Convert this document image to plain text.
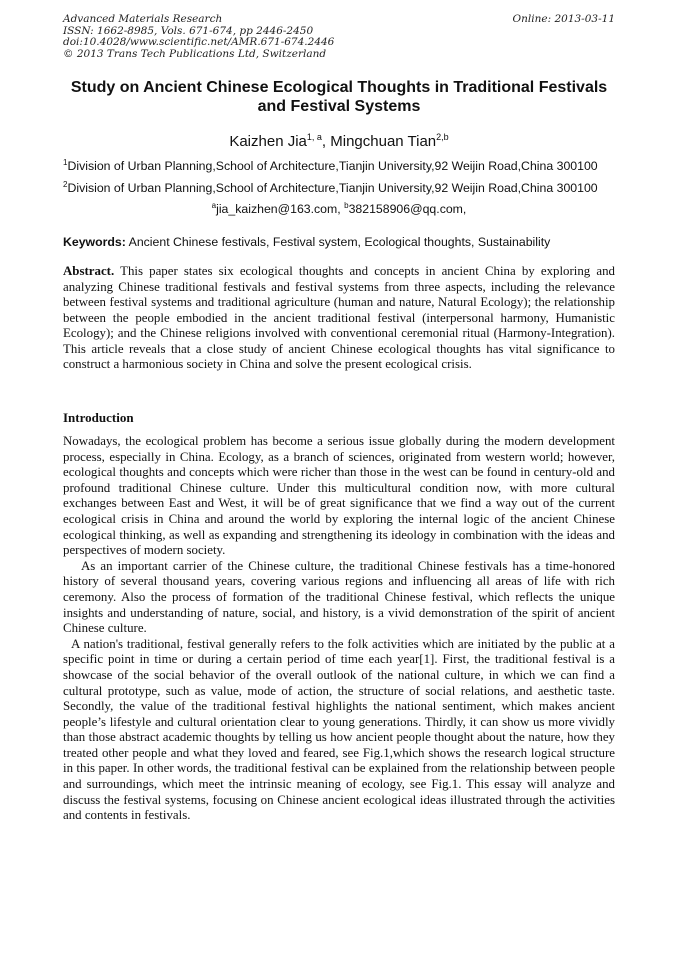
Advanced Materials Research
ISSN: 1662-8985, Vols. 671-674, pp 2446-2450
doi:10.4028/www.scientific.net/AMR.671-674.2446
© 2013 Trans Tech Publications Ltd, Switzerland
Online: 2013-03-11
Study on Ancient Chinese Ecological Thoughts in Traditional Festivals and Festival Systems
Kaizhen Jia$^{1, a}$, Mingchuan Tian$^{2,b}$
$^1$Division of Urban Planning,School of Architecture,Tianjin University,92 Weijin Road,China 300100
$^2$Division of Urban Planning,School of Architecture,Tianjin University,92 Weijin Road,China 300100
$^a$jia_kaizhen@163.com, $^b$382158906@qq.com,
Keywords: Ancient Chinese festivals, Festival system, Ecological thoughts, Sustainability
Abstract. This paper states six ecological thoughts and concepts in ancient China by exploring and analyzing Chinese traditional festivals and festival systems from three aspects, including the relevance between festival systems and traditional agriculture (human and nature, Natural Ecology); the relationship between the people embodied in the ancient traditional festival (interpersonal harmony, Humanistic Ecology); and the Chinese religions involved with conventional ceremonial ritual (Harmony-Integration). This article reveals that a close study of ancient Chinese ecological thoughts has vital significance to construct a harmonious society in China and solve the present ecological crisis.
Introduction

Nowadays, the ecological problem has become a serious issue globally during the modern development process, especially in China. Ecology, as a branch of sciences, originated from western world; however, ecological thoughts and concepts which were richer than those in the west can be found in century-old and profound traditional Chinese culture. Under this multicultural condition now, with more cultural exchanges between East and West, it will be of great significance that we find a way out of the current ecological crisis in China and around the world by exploring the internal logic of the ancient Chinese ecological thinking, as well as expanding and strengthening its ideology in combination with the ideas and perspectives of modern society.

As an important carrier of the Chinese culture, the traditional Chinese festivals has a time-honored history of several thousand years, covering various regions and influencing all areas of life with rich ceremony. Also the process of formation of the traditional Chinese festival, which reflects the unique insights and understanding of nature, social, and history, is a vivid demonstration of the spirit of ancient Chinese culture.

A nation's traditional, festival generally refers to the folk activities which are initiated by the public at a specific point in time or during a certain period of time each year[1]. First, the traditional festival is a showcase of the social behavior of the overall outlook of the national culture, in which we can find a cultural prototype, such as value, mode of action, the structure of social relations, and aesthetic taste. Secondly, the value of the traditional festival highlights the national sentiment, which makes ancient people’s lifestyle and cultural orientation clear to young generations. Thirdly, it can show us more vividly than those abstract academic thoughts by telling us how ancient people thought about the nature, how they treated other people and what they loved and feared, see Fig.1,which shows the research logical structure in this paper. In other words, the traditional festival can be explained from the relationship between people and surroundings, which meet the intrinsic meaning of ecology, see Fig.1. This essay will analyze and discuss the festival systems, focusing on Chinese ancient ecological ideas illustrated through the activities and contents in festivals.
